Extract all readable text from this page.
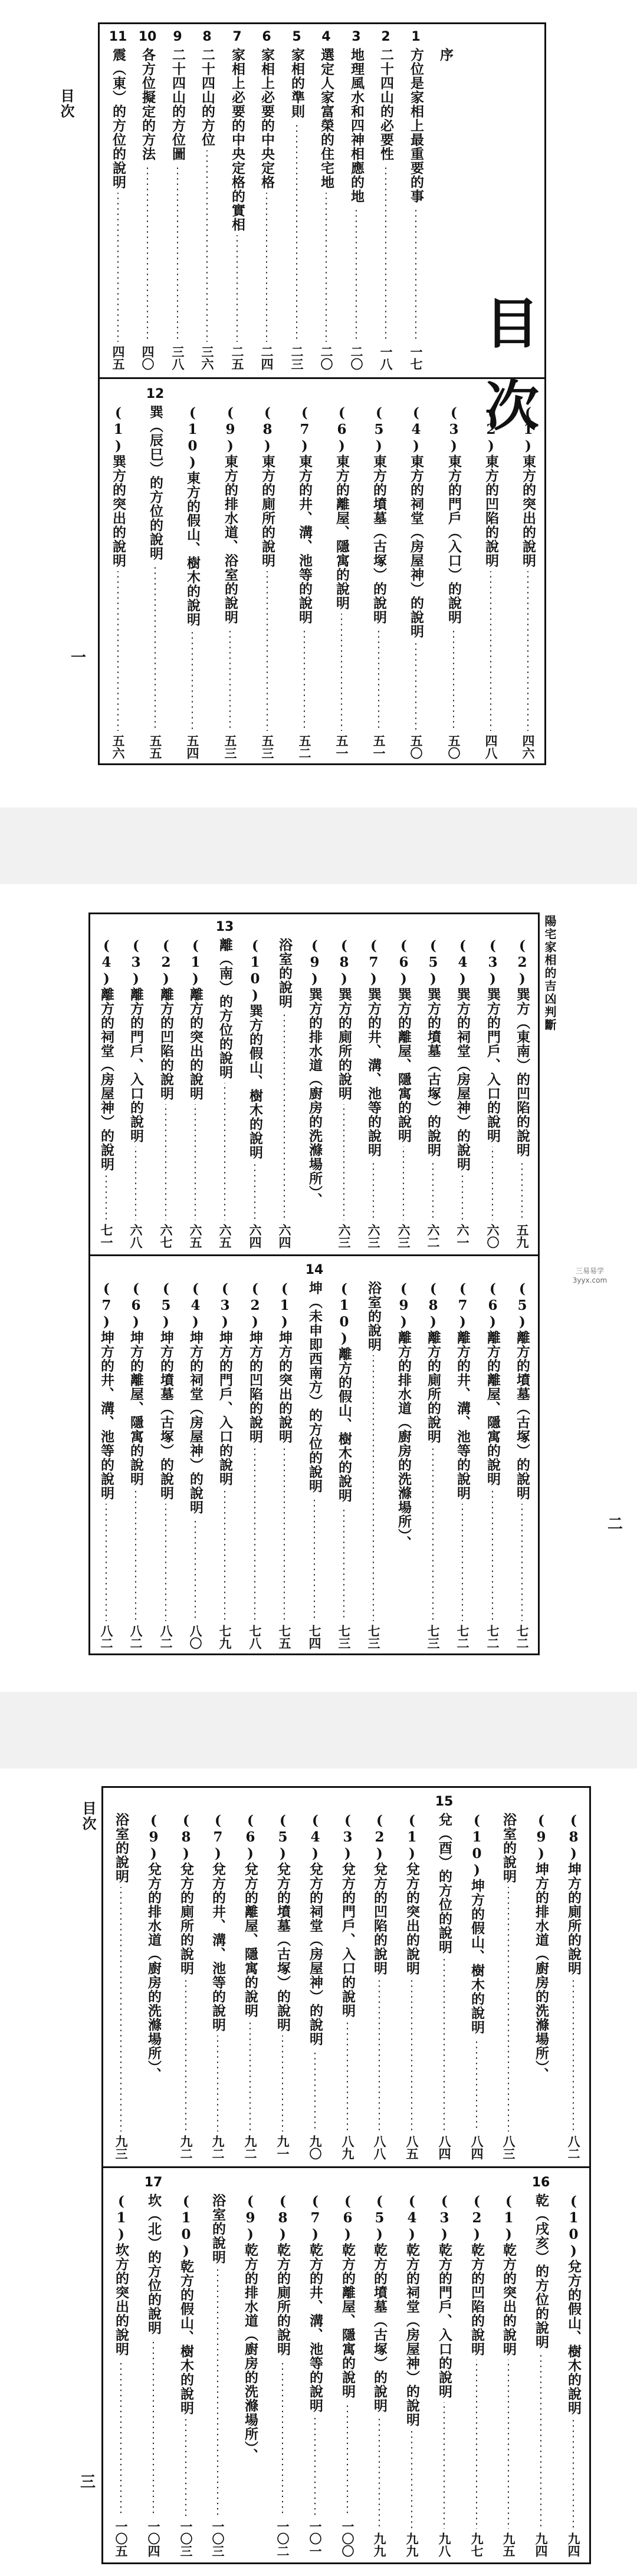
目次
一
目
次
序
1
方位是家相上最重要的事
一七
2
二十四山的必要性
一八
3
地理風水和四神相應的地
二〇
4
選定人家富榮的住宅地
二〇
5
家相的準則
二三
6
家相上必要的中央定格
二四
7
家相上必要的中央定格的實相
二五
8
二十四山的方位
三六
9
二十四山的方位圖
三八
10
各方位擬定的方法
四〇
11
震（東）的方位的說明
四五
(1)東方的突出的說明
四六
(2)東方的凹陷的說明
四八
(3)東方的門戶（入口）的說明
五〇
(4)東方的祠堂（房屋神）的說明
五〇
(5)東方的墳墓（古塚）的說明
五一
(6)東方的離屋、隱寓的說明
五一
(7)東方的井、溝、池等的說明
五二
(8)東方的廁所的說明
五三
(9)東方的排水道、浴室的說明
五三
(10)東方的假山、樹木的說明
五四
12
巽（辰巳）的方位的說明
五五
(1)巽方的突出的說明
五六
陽宅家相的吉凶判斷
二
三易易学
3yyx.com
(2)巽方（東南）的凹陷的說明
五九
(3)巽方的門戶、入口的說明
六〇
(4)巽方的祠堂（房屋神）的說明
六一
(5)巽方的墳墓（古塚）的說明
六二
(6)巽方的離屋、隱寓的說明
六三
(7)巽方的井、溝、池等的說明
六三
(8)巽方的廁所的說明
六三
(9)巽方的排水道（廚房的洗滌場所）、
浴室的說明
六四
(10)巽方的假山、樹木的說明
六四
13
離（南）的方位的說明
六五
(1)離方的突出的說明
六五
(2)離方的凹陷的說明
六七
(3)離方的門戶、入口的說明
六八
(4)離方的祠堂（房屋神）的說明
七一
(5)離方的墳墓（古塚）的說明
七二
(6)離方的離屋、隱寓的說明
七二
(7)離方的井、溝、池等的說明
七二
(8)離方的廁所的說明
七三
(9)離方的排水道（廚房的洗滌場所）、
浴室的說明
七三
(10)離方的假山、樹木的說明
七三
14
坤（未申即西南方）的方位的說明
七四
(1)坤方的突出的說明
七五
(2)坤方的凹陷的說明
七八
(3)坤方的門戶、入口的說明
七九
(4)坤方的祠堂（房屋神）的說明
八〇
(5)坤方的墳墓（古塚）的說明
八二
(6)坤方的離屋、隱寓的說明
八二
(7)坤方的井、溝、池等的說明
八二
目次
三
(8)坤方的廁所的說明
八二
(9)坤方的排水道（廚房的洗滌場所）、
浴室的說明
八三
(10)坤方的假山、樹木的說明
八四
15
兌（酉）的方位的說明
八四
(1)兌方的突出的說明
八五
(2)兌方的凹陷的說明
八八
(3)兌方的門戶、入口的說明
八九
(4)兌方的祠堂（房屋神）的說明
九〇
(5)兌方的墳墓（古塚）的說明
九一
(6)兌方的離屋、隱寓的說明
九二
(7)兌方的井、溝、池等的說明
九二
(8)兌方的廁所的說明
九二
(9)兌方的排水道（廚房的洗滌場所）、
浴室的說明
九三
(10)兌方的假山、樹木的說明
九四
16
乾（戌亥）的方位的說明
九四
(1)乾方的突出的說明
九五
(2)乾方的凹陷的說明
九七
(3)乾方的門戶、入口的說明
九八
(4)乾方的祠堂（房屋神）的說明
九九
(5)乾方的墳墓（古塚）的說明
九九
(6)乾方的離屋、隱寓的說明
一〇〇
(7)乾方的井、溝、池等的說明
一〇一
(8)乾方的廁所的說明
一〇二
(9)乾方的排水道（廚房的洗滌場所）、
浴室的說明
一〇三
(10)乾方的假山、樹木的說明
一〇三
17
坎（北）的方位的說明
一〇四
(1)坎方的突出的說明
一〇五
